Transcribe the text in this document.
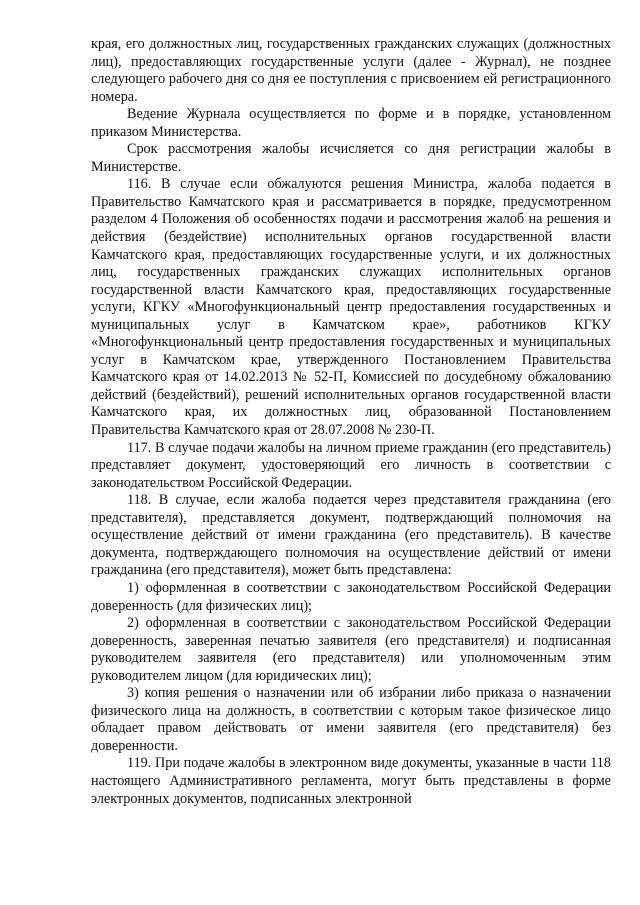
края, его должностных лиц, государственных гражданских служащих (должностных лиц), предоставляющих государственные услуги (далее - Журнал), не позднее следующего рабочего дня со дня ее поступления с присвоением ей регистрационного номера.

Ведение Журнала осуществляется по форме и в порядке, установленном приказом Министерства.

Срок рассмотрения жалобы исчисляется со дня регистрации жалобы в Министерстве.

116. В случае если обжалуются решения Министра, жалоба подается в Правительство Камчатского края и рассматривается в порядке, предусмотренном разделом 4 Положения об особенностях подачи и рассмотрения жалоб на решения и действия (бездействие) исполнительных органов государственной власти Камчатского края, предоставляющих государственные услуги, и их должностных лиц, государственных гражданских служащих исполнительных органов государственной власти Камчатского края, предоставляющих государственные услуги, КГКУ «Многофункциональный центр предоставления государственных и муниципальных услуг в Камчатском крае», работников КГКУ «Многофункциональный центр предоставления государственных и муниципальных услуг в Камчатском крае, утвержденного Постановлением Правительства Камчатского края от 14.02.2013 № 52-П, Комиссией по досудебному обжалованию действий (бездействий), решений исполнительных органов государственной власти Камчатского края, их должностных лиц, образованной Постановлением Правительства Камчатского края от 28.07.2008 № 230-П.

117. В случае подачи жалобы на личном приеме гражданин (его представитель) представляет документ, удостоверяющий его личность в соответствии с законодательством Российской Федерации.

118. В случае, если жалоба подается через представителя гражданина (его представителя), представляется документ, подтверждающий полномочия на осуществление действий от имени гражданина (его представитель). В качестве документа, подтверждающего полномочия на осуществление действий от имени гражданина (его представителя), может быть представлена:

1) оформленная в соответствии с законодательством Российской Федерации доверенность (для физических лиц);

2) оформленная в соответствии с законодательством Российской Федерации доверенность, заверенная печатью заявителя (его представителя) и подписанная руководителем заявителя (его представителя) или уполномоченным этим руководителем лицом (для юридических лиц);

3) копия решения о назначении или об избрании либо приказа о назначении физического лица на должность, в соответствии с которым такое физическое лицо обладает правом действовать от имени заявителя (его представителя) без доверенности.

119. При подаче жалобы в электронном виде документы, указанные в части 118 настоящего Административного регламента, могут быть представлены в форме электронных документов, подписанных электронной
